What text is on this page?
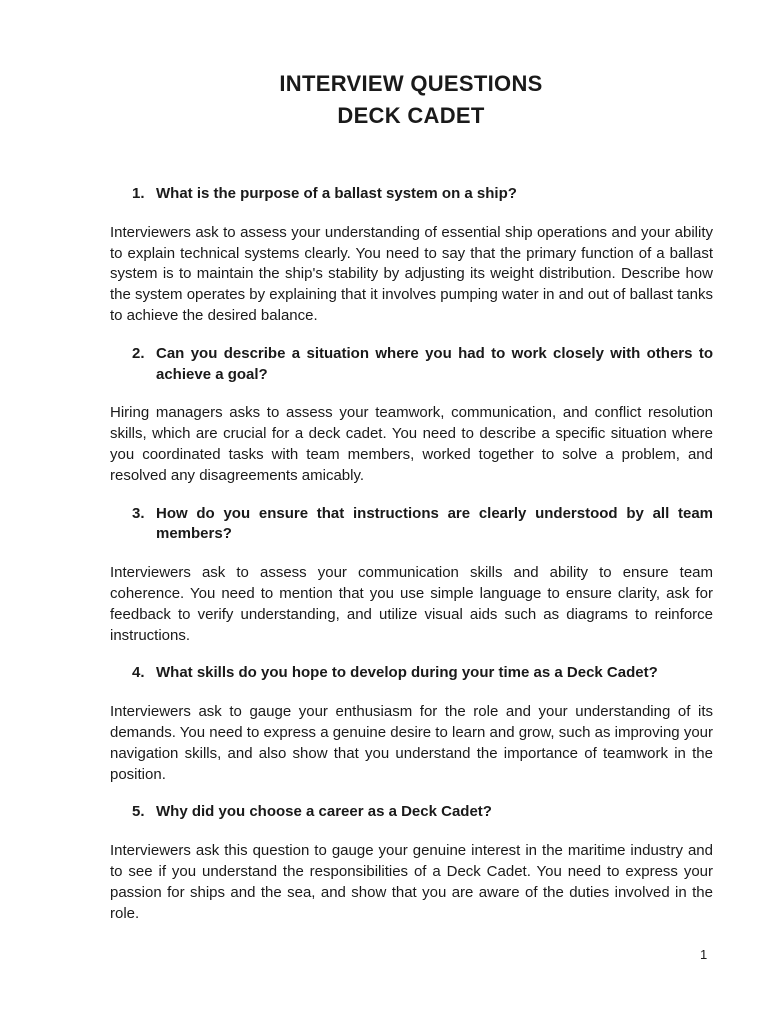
INTERVIEW QUESTIONS
DECK CADET
1. What is the purpose of a ballast system on a ship?

Interviewers ask to assess your understanding of essential ship operations and your ability to explain technical systems clearly. You need to say that the primary function of a ballast system is to maintain the ship's stability by adjusting its weight distribution. Describe how the system operates by explaining that it involves pumping water in and out of ballast tanks to achieve the desired balance.

2. Can you describe a situation where you had to work closely with others to achieve a goal?

Hiring managers asks to assess your teamwork, communication, and conflict resolution skills, which are crucial for a deck cadet. You need to describe a specific situation where you coordinated tasks with team members, worked together to solve a problem, and resolved any disagreements amicably.

3. How do you ensure that instructions are clearly understood by all team members?

Interviewers ask to assess your communication skills and ability to ensure team coherence. You need to mention that you use simple language to ensure clarity, ask for feedback to verify understanding, and utilize visual aids such as diagrams to reinforce instructions.

4. What skills do you hope to develop during your time as a Deck Cadet?

Interviewers ask to gauge your enthusiasm for the role and your understanding of its demands. You need to express a genuine desire to learn and grow, such as improving your navigation skills, and also show that you understand the importance of teamwork in the position.

5. Why did you choose a career as a Deck Cadet?

Interviewers ask this question to gauge your genuine interest in the maritime industry and to see if you understand the responsibilities of a Deck Cadet. You need to express your passion for ships and the sea, and show that you are aware of the duties involved in the role.

1
